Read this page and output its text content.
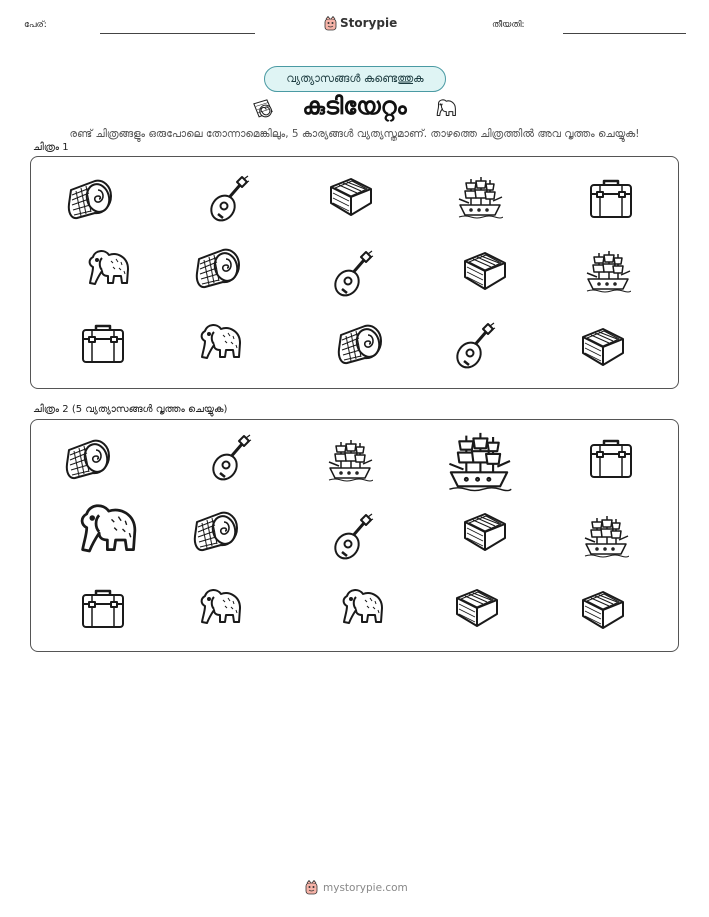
പേര്:	Storypie	തീയതി:
വ്യത്യാസങ്ങൾ കണ്ടെത്തുക
കുടിയേറ്റം
രണ്ട് ചിത്രങ്ങളും ഒരുപോലെ തോന്നാമെങ്കിലും, 5 കാര്യങ്ങൾ വ്യത്യസ്തമാണ്. താഴത്തെ ചിത്രത്തിൽ അവ വൃത്തം ചെയ്യുക!
ചിത്രം 1
ചിത്രം 2 (5 വ്യത്യാസങ്ങൾ വൃത്തം ചെയ്യുക)
mystorypie.com
